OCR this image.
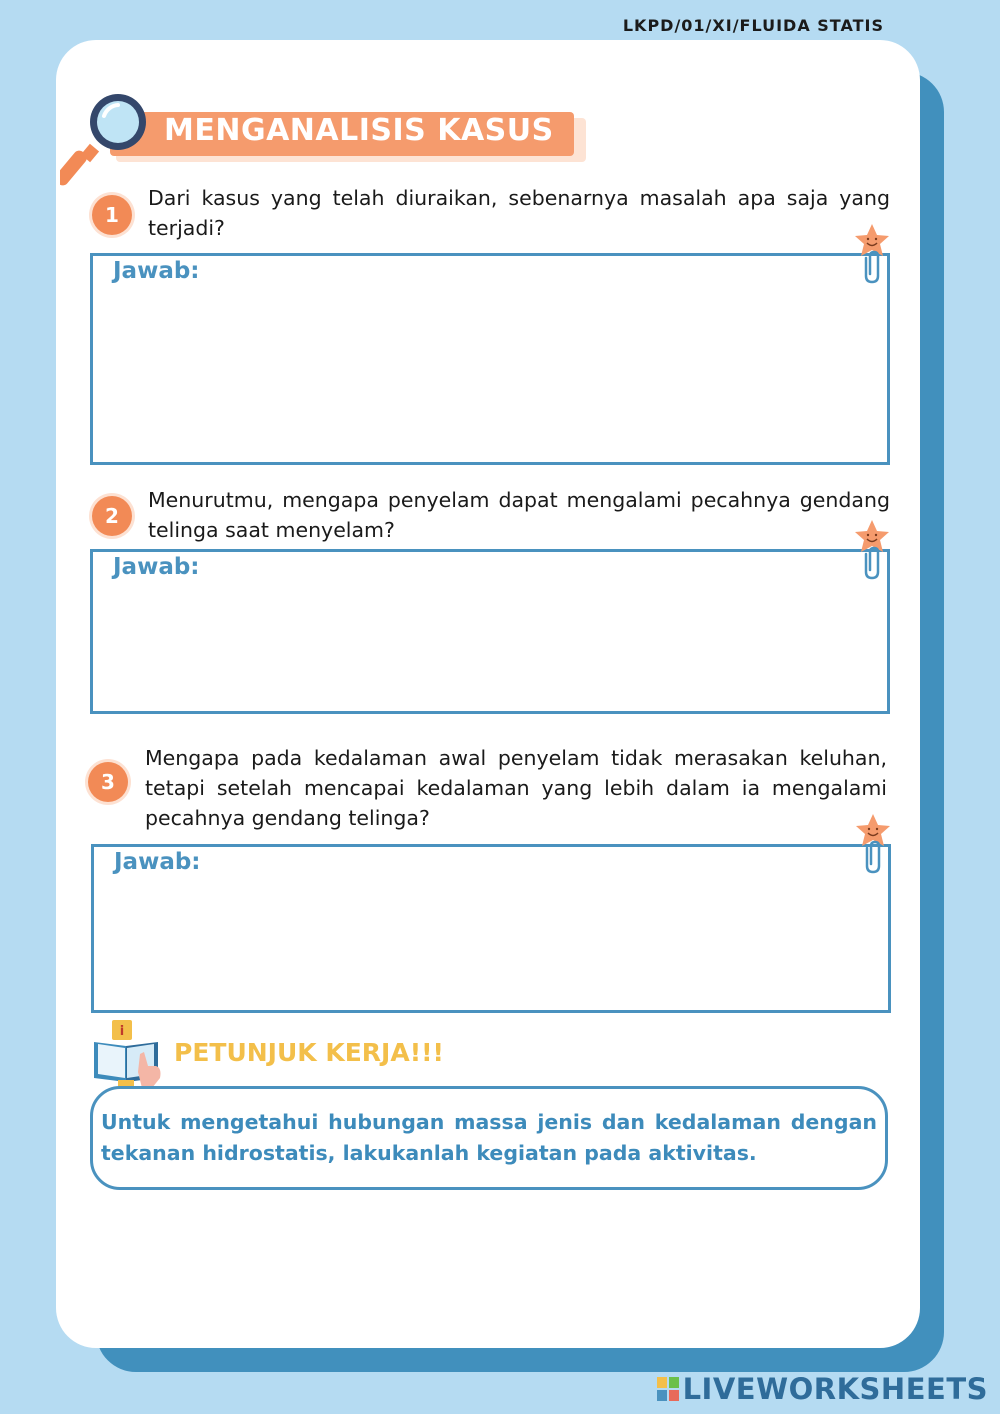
LKPD/01/XI/FLUIDA STATIS
MENGANALISIS KASUS
1
Dari kasus yang telah diuraikan, sebenarnya masalah apa saja yang terjadi?
Jawab:
2
Menurutmu, mengapa penyelam dapat mengalami pecahnya gendang telinga saat menyelam?
Jawab:
3
Mengapa pada kedalaman awal penyelam tidak merasakan keluhan, tetapi setelah mencapai kedalaman yang lebih dalam ia mengalami pecahnya gendang telinga?
Jawab:
i
PETUNJUK KERJA!!!
Untuk mengetahui hubungan massa jenis dan kedalaman dengan tekanan hidrostatis, lakukanlah kegiatan pada aktivitas.
LIVEWORKSHEETS
